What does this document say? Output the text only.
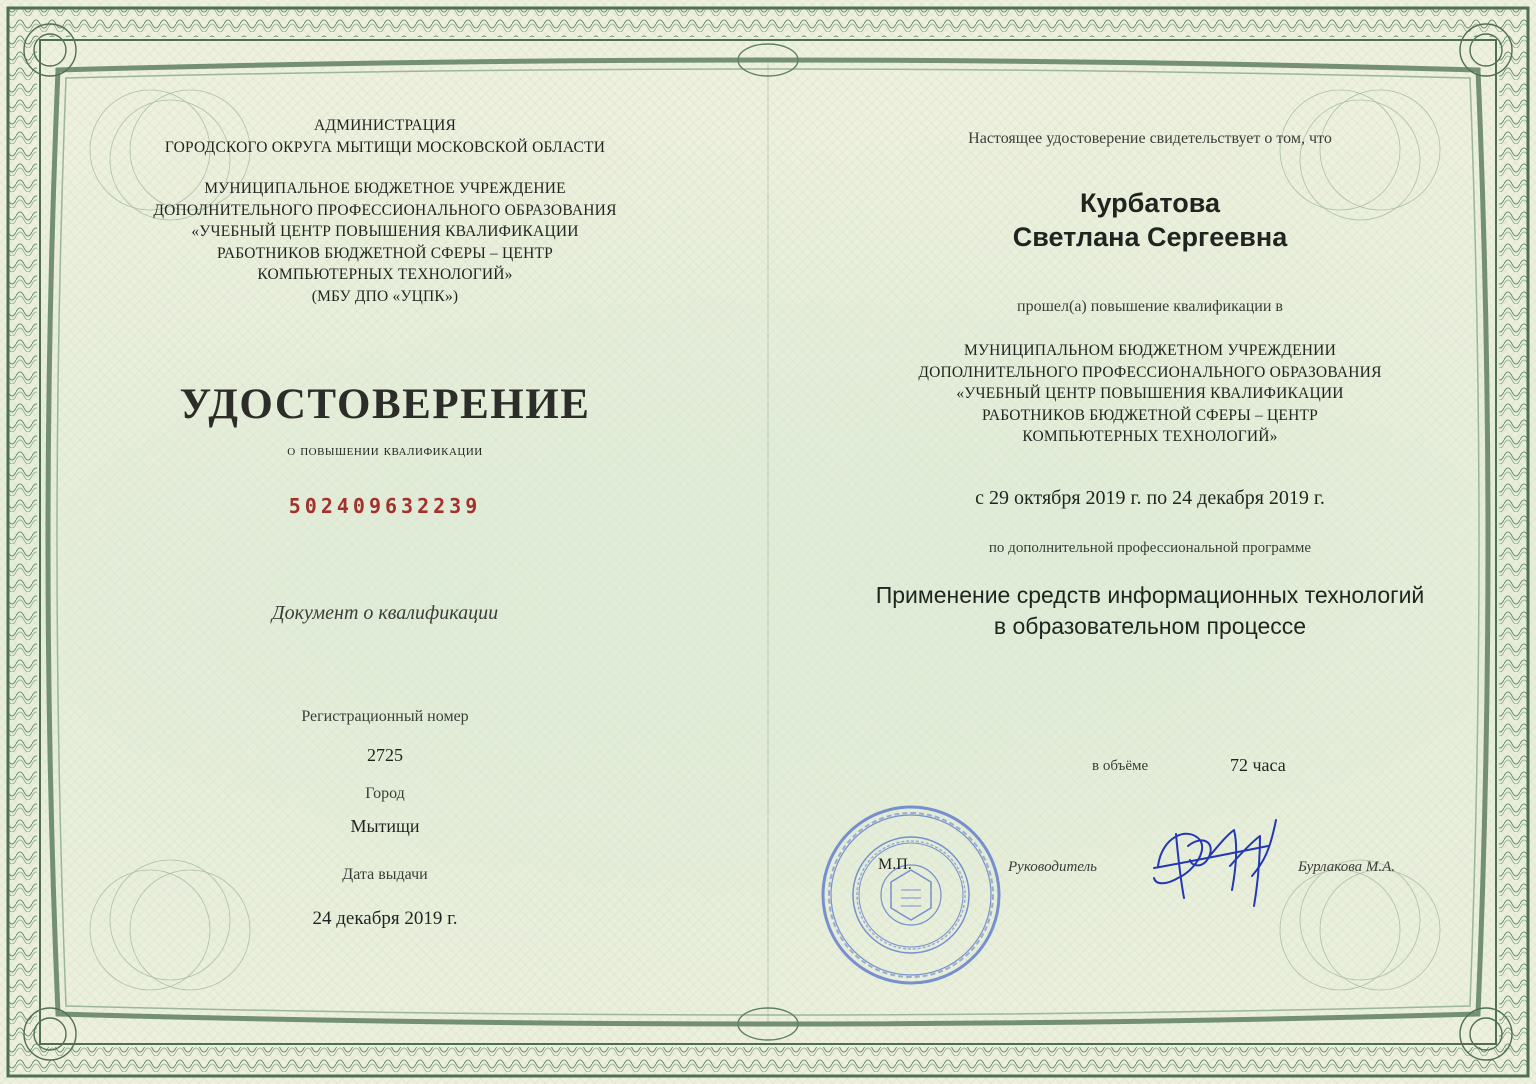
АДМИНИСТРАЦИЯ
ГОРОДСКОГО ОКРУГА МЫТИЩИ МОСКОВСКОЙ ОБЛАСТИ
МУНИЦИПАЛЬНОЕ БЮДЖЕТНОЕ УЧРЕЖДЕНИЕ
ДОПОЛНИТЕЛЬНОГО ПРОФЕССИОНАЛЬНОГО ОБРАЗОВАНИЯ
«УЧЕБНЫЙ ЦЕНТР ПОВЫШЕНИЯ КВАЛИФИКАЦИИ
РАБОТНИКОВ БЮДЖЕТНОЙ СФЕРЫ – ЦЕНТР
КОМПЬЮТЕРНЫХ ТЕХНОЛОГИЙ»
(МБУ ДПО «УЦПК»)
УДОСТОВЕРЕНИЕ
о повышении квалификации
502409632239
Документ о квалификации
Регистрационный номер
2725
Город
Мытищи
Дата выдачи
24 декабря 2019 г.
Настоящее удостоверение свидетельствует о том, что
Курбатова
Светлана Сергеевна
прошел(а) повышение квалификации в
МУНИЦИПАЛЬНОМ БЮДЖЕТНОМ УЧРЕЖДЕНИИ
ДОПОЛНИТЕЛЬНОГО ПРОФЕССИОНАЛЬНОГО ОБРАЗОВАНИЯ
«УЧЕБНЫЙ ЦЕНТР ПОВЫШЕНИЯ КВАЛИФИКАЦИИ
РАБОТНИКОВ БЮДЖЕТНОЙ СФЕРЫ – ЦЕНТР
КОМПЬЮТЕРНЫХ ТЕХНОЛОГИЙ»
с 29 октября 2019 г. по 24 декабря 2019 г.
по дополнительной профессиональной программе
Применение средств информационных технологий
в образовательном процессе
в объёме	72 часа
М.П.	Руководитель	Бурлакова М.А.
